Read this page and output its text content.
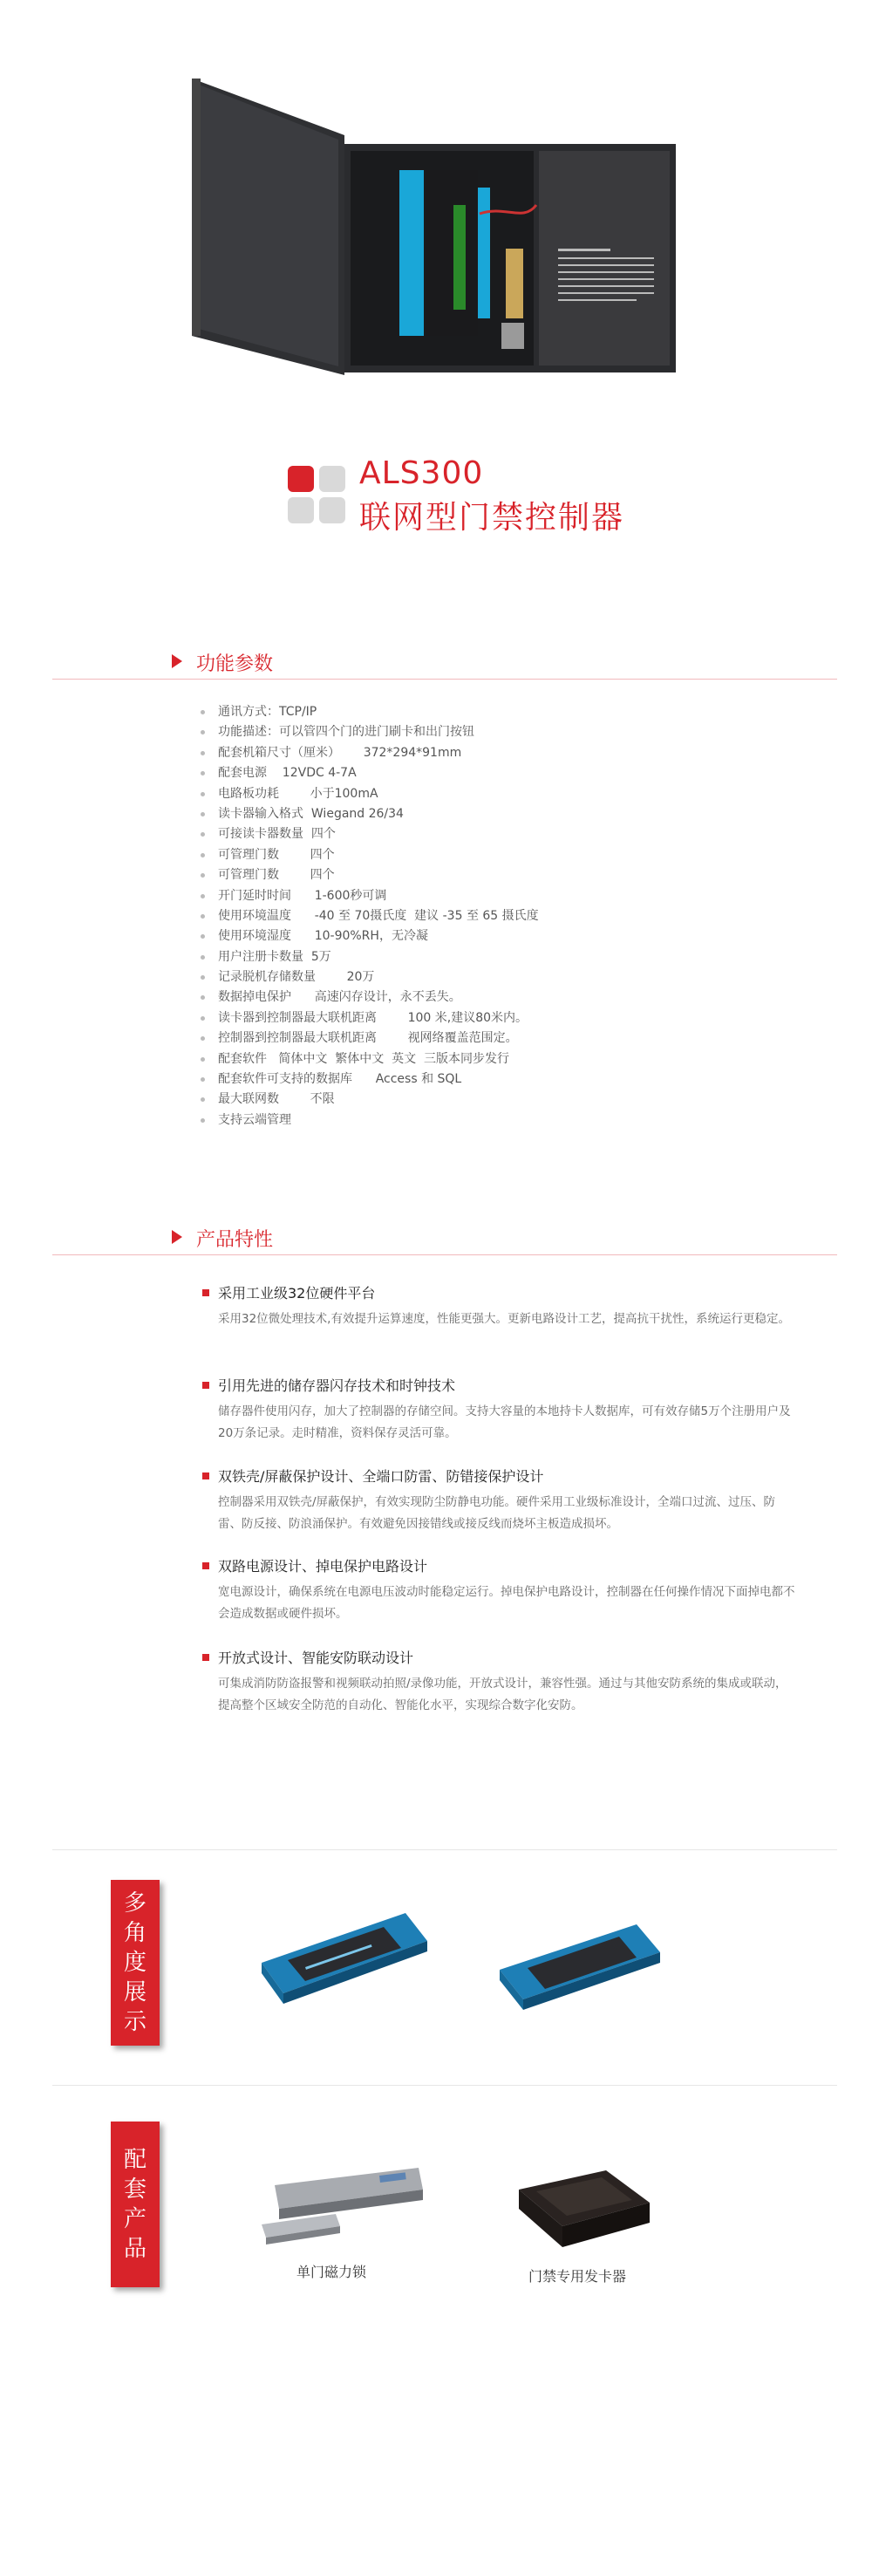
ALS300
联网型门禁控制器
功能参数
通讯方式：TCP/IP
功能描述：可以管四个门的进门刷卡和出门按钮
配套机箱尺寸（厘米）      372*294*91mm
配套电源    12VDC 4-7A
电路板功耗        小于100mA
读卡器输入格式  Wiegand 26/34
可接读卡器数量  四个
可管理门数        四个
可管理门数        四个
开门延时时间      1-600秒可调
使用环境温度      -40 至 70摄氏度  建议 -35 至 65 摄氏度
使用环境湿度      10-90%RH，无冷凝
用户注册卡数量  5万
记录脱机存储数量        20万
数据掉电保护      高速闪存设计，永不丢失。
读卡器到控制器最大联机距离        100 米,建议80米内。
控制器到控制器最大联机距离        视网络覆盖范围定。
配套软件   简体中文  繁体中文  英文  三版本同步发行
配套软件可支持的数据库      Access 和 SQL
最大联网数        不限
支持云端管理
产品特性
采用工业级32位硬件平台
采用32位微处理技术,有效提升运算速度，性能更强大。更新电路设计工艺，提高抗干扰性，系统运行更稳定。
引用先进的储存器闪存技术和时钟技术
储存器件使用闪存，加大了控制器的存储空间。支持大容量的本地持卡人数据库，可有效存储5万个注册用户及20万条记录。走时精准，资料保存灵活可靠。
双铁壳/屏蔽保护设计、全端口防雷、防错接保护设计
控制器采用双铁壳/屏蔽保护，有效实现防尘防静电功能。硬件采用工业级标准设计，全端口过流、过压、防雷、防反接、防浪涌保护。有效避免因接错线或接反线而烧坏主板造成损坏。
双路电源设计、掉电保护电路设计
宽电源设计，确保系统在电源电压波动时能稳定运行。掉电保护电路设计，控制器在任何操作情况下面掉电都不会造成数据或硬件损坏。
开放式设计、智能安防联动设计
可集成消防防盗报警和视频联动拍照/录像功能，开放式设计，兼容性强。通过与其他安防系统的集成或联动，提高整个区域安全防范的自动化、智能化水平，实现综合数字化安防。
多
角
度
展
示
配
套
产
品
单门磁力锁	门禁专用发卡器
